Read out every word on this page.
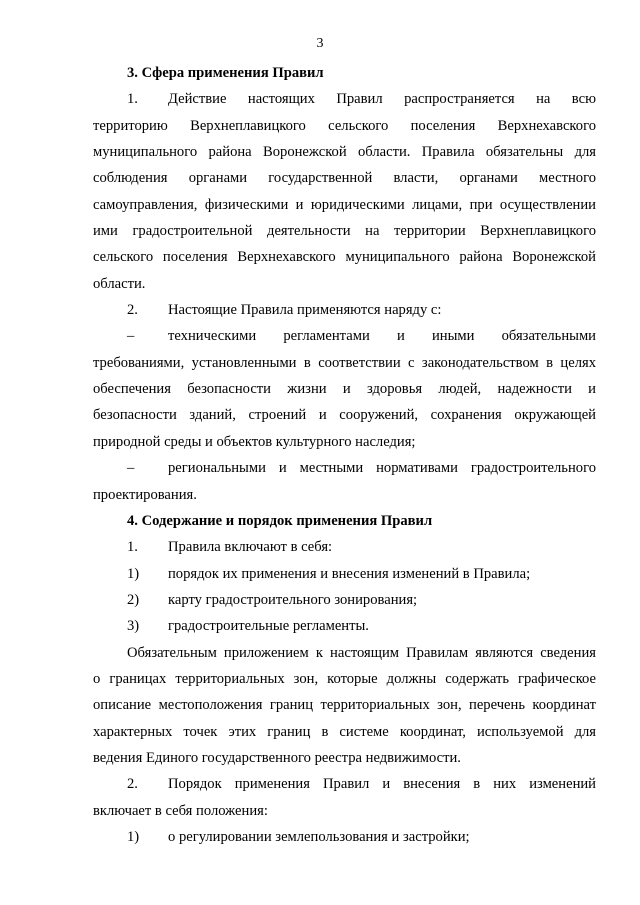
3
3. Сфера применения Правил
1.	Действие настоящих Правил распространяется на всю
территорию Верхнеплавицкого сельского поселения Верхнехавского
муниципального района Воронежской области. Правила обязательны для
соблюдения органами государственной власти, органами местного
самоуправления, физическими и юридическими лицами, при осуществлении
ими градостроительной деятельности на территории Верхнеплавицкого
сельского поселения Верхнехавского муниципального района Воронежской
области.
2.	Настоящие Правила применяются наряду с:
–	техническими регламентами и иными обязательными
требованиями, установленными в соответствии с законодательством в целях
обеспечения безопасности жизни и здоровья людей, надежности и
безопасности зданий, строений и сооружений, сохранения окружающей
природной среды и объектов культурного наследия;
–	региональными и местными нормативами градостроительного
проектирования.
4. Содержание и порядок применения Правил
1.	Правила включают в себя:
1)	порядок их применения и внесения изменений в Правила;
2)	карту градостроительного зонирования;
3)	градостроительные регламенты.
Обязательным приложением к настоящим Правилам являются сведения
о границах территориальных зон, которые должны содержать графическое
описание местоположения границ территориальных зон, перечень координат
характерных точек этих границ в системе координат, используемой для
ведения Единого государственного реестра недвижимости.
2.	Порядок применения Правил и внесения в них изменений
включает в себя положения:
1)	о регулировании землепользования и застройки;
